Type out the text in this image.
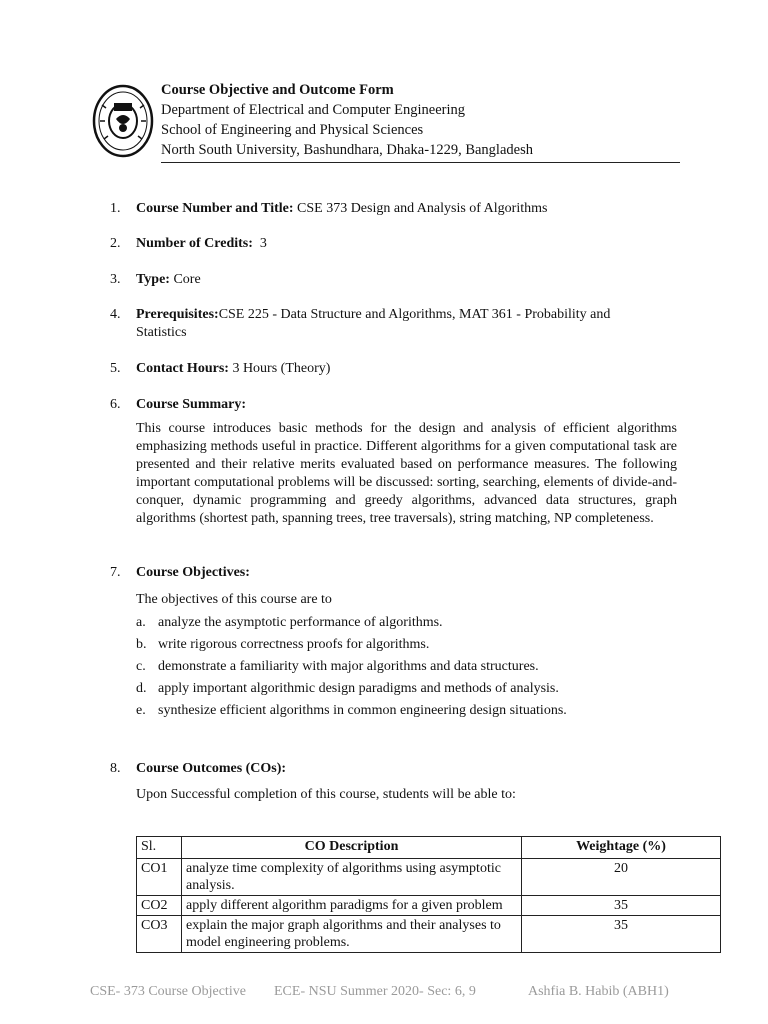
Course Objective and Outcome Form
Department of Electrical and Computer Engineering
School of Engineering and Physical Sciences
North South University, Bashundhara, Dhaka-1229, Bangladesh
1.	Course Number and Title: CSE 373 Design and Analysis of Algorithms
2.	Number of Credits:  3
3.	Type: Core
4.	Prerequisites:CSE 225 - Data Structure and Algorithms, MAT 361 - Probability and Statistics
5.	Contact Hours: 3 Hours (Theory)
6.	Course Summary:
This course introduces basic methods for the design and analysis of efficient algorithms emphasizing methods useful in practice. Different algorithms for a given computational task are presented and their relative merits evaluated based on performance measures. The following important computational problems will be discussed: sorting, searching, elements of divide-and-conquer, dynamic programming and greedy algorithms, advanced data structures, graph algorithms (shortest path, spanning trees, tree traversals), string matching, NP completeness.
7.	Course Objectives:
The objectives of this course are to
a. analyze the asymptotic performance of algorithms.
b. write rigorous correctness proofs for algorithms.
c. demonstrate a familiarity with major algorithms and data structures.
d. apply important algorithmic design paradigms and methods of analysis.
e. synthesize efficient algorithms in common engineering design situations.
8.	Course Outcomes (COs):
Upon Successful completion of this course, students will be able to:
Sl.	CO Description	Weightage (%)
CO1	analyze time complexity of algorithms using asymptotic analysis.	20
CO2	apply different algorithm paradigms for a given problem	35
CO3	explain the major graph algorithms and their analyses to model engineering problems.	35
CSE- 373 Course Objective ECE- NSU Summer 2020- Sec: 6, 9	Ashfia B. Habib (ABH1)
